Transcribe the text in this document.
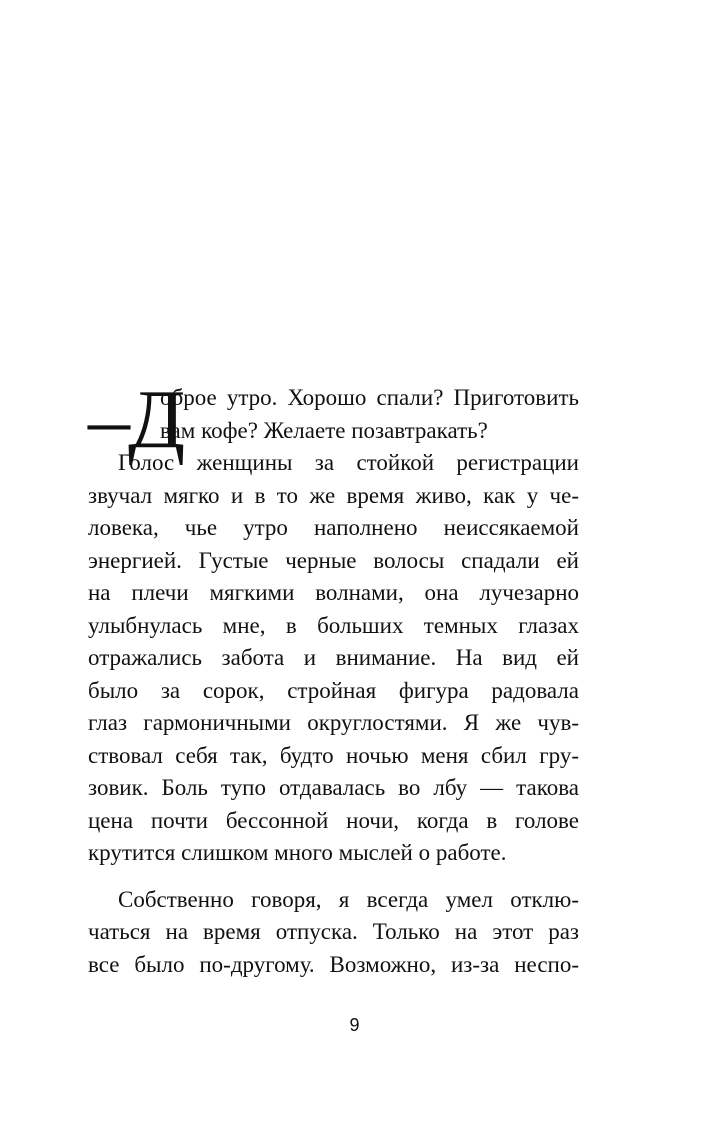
–Д
оброе утро. Хорошо спали? Приготовить
вам кофе? Желаете позавтракать?
Голос женщины за стойкой регистрации
звучал мягко и в то же время живо, как у че-
ловека, чье утро наполнено неиссякаемой
энергией. Густые черные волосы спадали ей
на плечи мягкими волнами, она лучезарно
улыбнулась мне, в больших темных глазах
отражались забота и внимание. На вид ей
было за сорок, стройная фигура радовала
глаз гармоничными округлостями. Я же чув-
ствовал себя так, будто ночью меня сбил гру-
зовик. Боль тупо отдавалась во лбу — такова
цена почти бессонной ночи, когда в голове
крутится слишком много мыслей о работе.
Собственно говоря, я всегда умел отклю-
чаться на время отпуска. Только на этот раз
все было по-другому. Возможно, из-за неспо-
9
